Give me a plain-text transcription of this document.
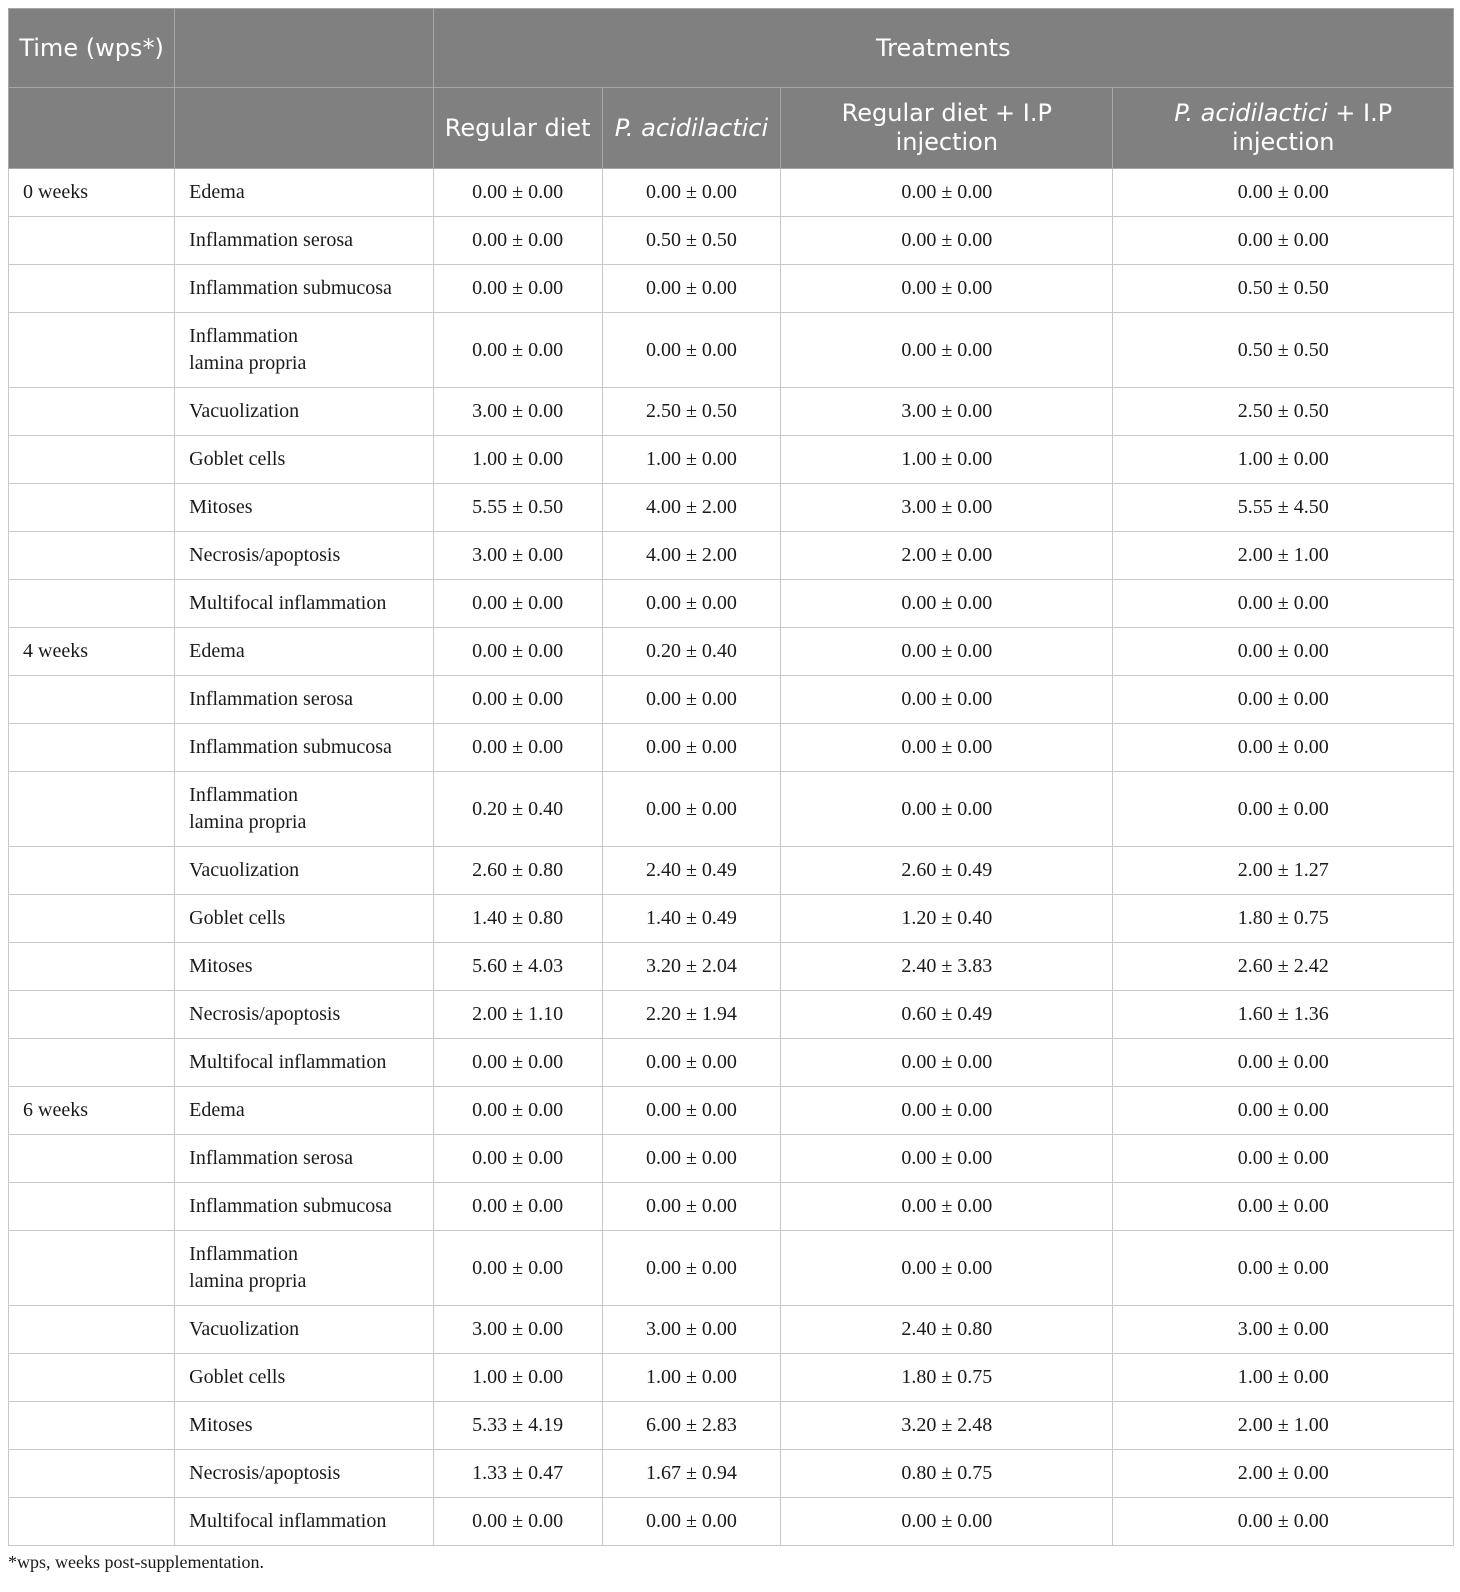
Time (wps*)		Treatments			
		Regular diet	P. acidilactici	Regular diet + I.P injection	P. acidilactici + I.P injection
0 weeks	Edema	0.00 ± 0.00	0.00 ± 0.00	0.00 ± 0.00	0.00 ± 0.00
	Inflammation serosa	0.00 ± 0.00	0.50 ± 0.50	0.00 ± 0.00	0.00 ± 0.00
	Inflammation submucosa	0.00 ± 0.00	0.00 ± 0.00	0.00 ± 0.00	0.50 ± 0.50
	Inflammation lamina propria	0.00 ± 0.00	0.00 ± 0.00	0.00 ± 0.00	0.50 ± 0.50
	Vacuolization	3.00 ± 0.00	2.50 ± 0.50	3.00 ± 0.00	2.50 ± 0.50
	Goblet cells	1.00 ± 0.00	1.00 ± 0.00	1.00 ± 0.00	1.00 ± 0.00
	Mitoses	5.55 ± 0.50	4.00 ± 2.00	3.00 ± 0.00	5.55 ± 4.50
	Necrosis/apoptosis	3.00 ± 0.00	4.00 ± 2.00	2.00 ± 0.00	2.00 ± 1.00
	Multifocal inflammation	0.00 ± 0.00	0.00 ± 0.00	0.00 ± 0.00	0.00 ± 0.00
4 weeks	Edema	0.00 ± 0.00	0.20 ± 0.40	0.00 ± 0.00	0.00 ± 0.00
	Inflammation serosa	0.00 ± 0.00	0.00 ± 0.00	0.00 ± 0.00	0.00 ± 0.00
	Inflammation submucosa	0.00 ± 0.00	0.00 ± 0.00	0.00 ± 0.00	0.00 ± 0.00
	Inflammation lamina propria	0.20 ± 0.40	0.00 ± 0.00	0.00 ± 0.00	0.00 ± 0.00
	Vacuolization	2.60 ± 0.80	2.40 ± 0.49	2.60 ± 0.49	2.00 ± 1.27
	Goblet cells	1.40 ± 0.80	1.40 ± 0.49	1.20 ± 0.40	1.80 ± 0.75
	Mitoses	5.60 ± 4.03	3.20 ± 2.04	2.40 ± 3.83	2.60 ± 2.42
	Necrosis/apoptosis	2.00 ± 1.10	2.20 ± 1.94	0.60 ± 0.49	1.60 ± 1.36
	Multifocal inflammation	0.00 ± 0.00	0.00 ± 0.00	0.00 ± 0.00	0.00 ± 0.00
6 weeks	Edema	0.00 ± 0.00	0.00 ± 0.00	0.00 ± 0.00	0.00 ± 0.00
	Inflammation serosa	0.00 ± 0.00	0.00 ± 0.00	0.00 ± 0.00	0.00 ± 0.00
	Inflammation submucosa	0.00 ± 0.00	0.00 ± 0.00	0.00 ± 0.00	0.00 ± 0.00
	Inflammation lamina propria	0.00 ± 0.00	0.00 ± 0.00	0.00 ± 0.00	0.00 ± 0.00
	Vacuolization	3.00 ± 0.00	3.00 ± 0.00	2.40 ± 0.80	3.00 ± 0.00
	Goblet cells	1.00 ± 0.00	1.00 ± 0.00	1.80 ± 0.75	1.00 ± 0.00
	Mitoses	5.33 ± 4.19	6.00 ± 2.83	3.20 ± 2.48	2.00 ± 1.00
	Necrosis/apoptosis	1.33 ± 0.47	1.67 ± 0.94	0.80 ± 0.75	2.00 ± 0.00
	Multifocal inflammation	0.00 ± 0.00	0.00 ± 0.00	0.00 ± 0.00	0.00 ± 0.00
*wps, weeks post-supplementation.
